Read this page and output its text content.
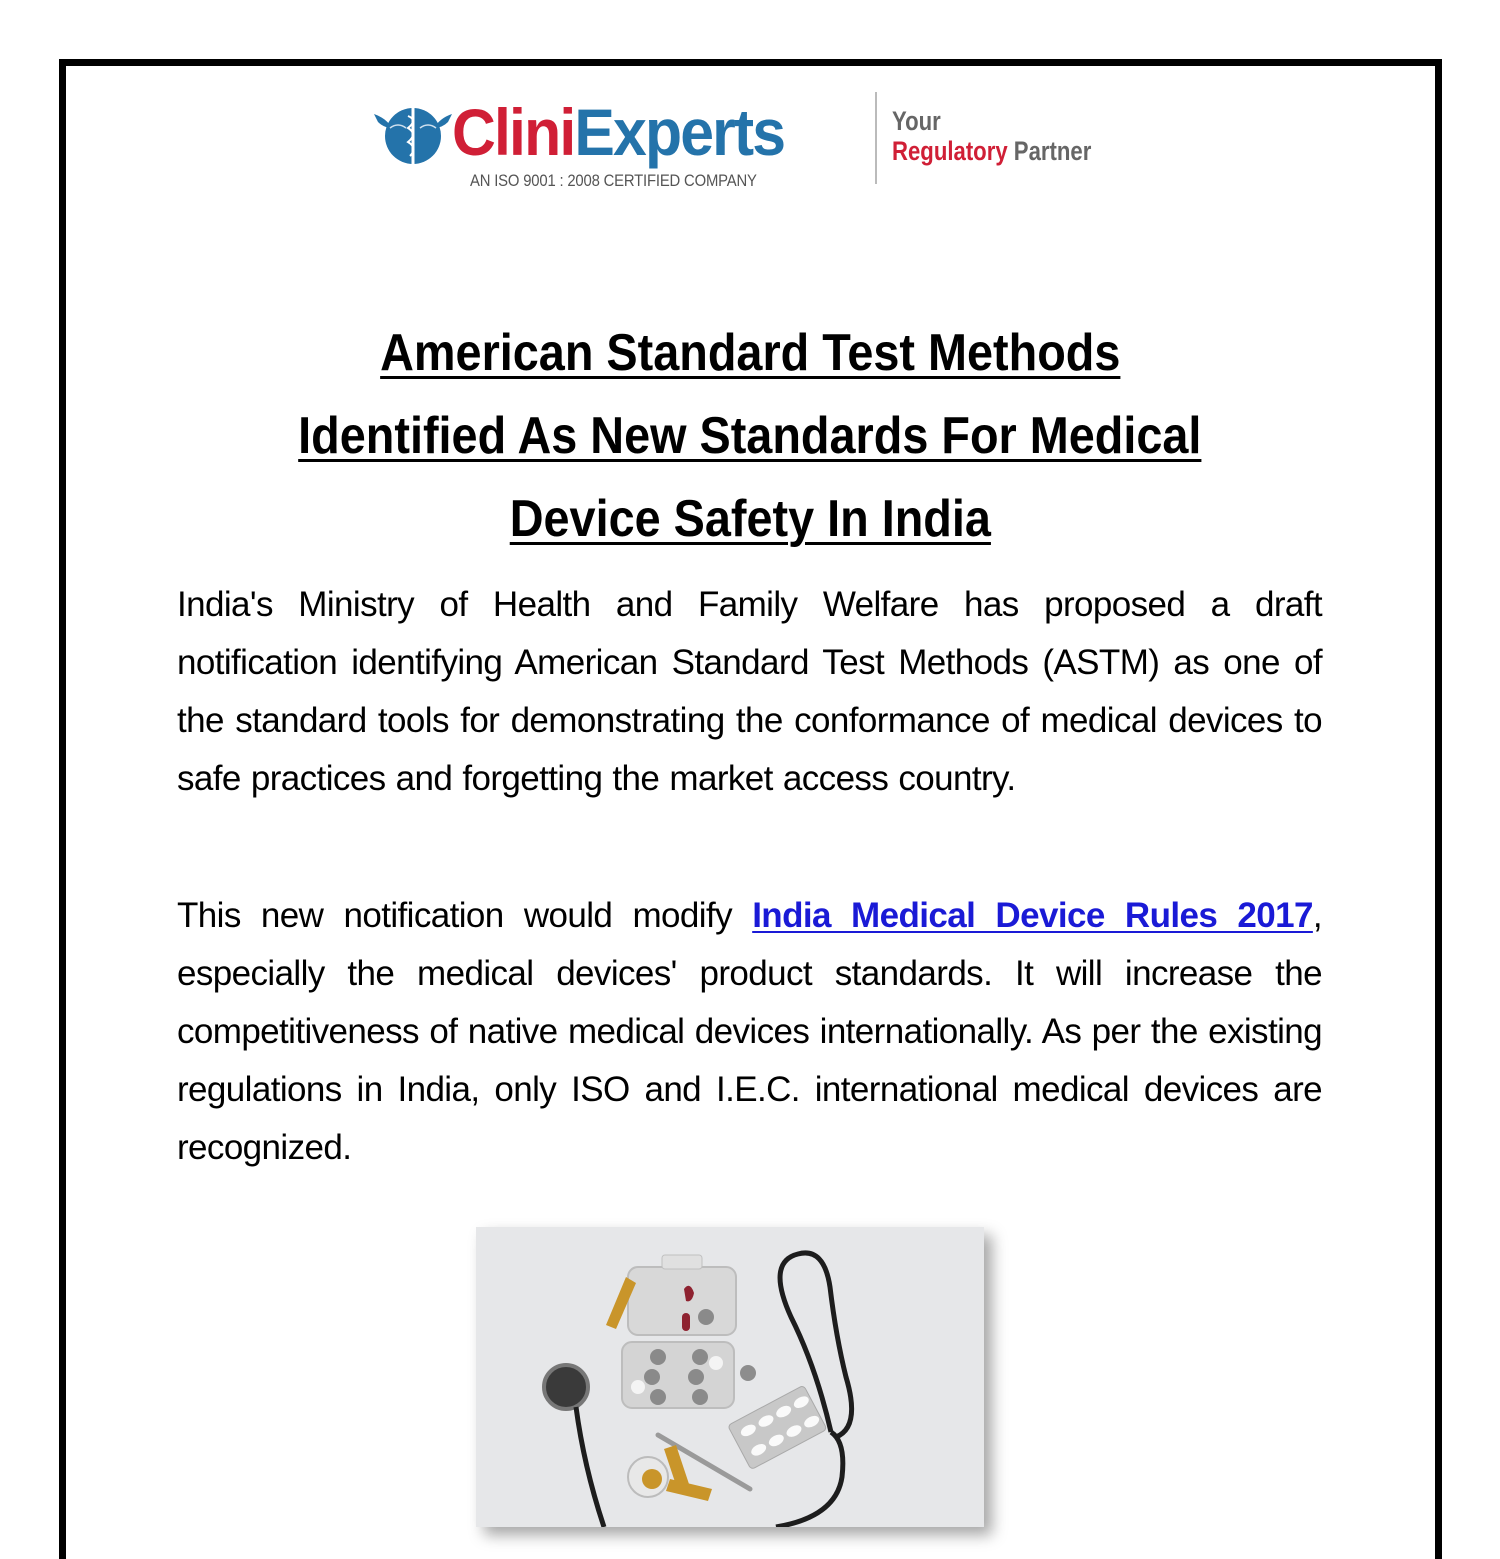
CliniExperts
AN ISO 9001 : 2008 CERTIFIED COMPANY
Your
Regulatory Partner
American Standard Test Methods
Identified As New Standards For Medical
Device Safety In India

India's Ministry of Health and Family Welfare has proposed a draft notification identifying American Standard Test Methods (ASTM) as one of the standard tools for demonstrating the conformance of medical devices to safe practices and forgetting the market access country.

This new notification would modify India Medical Device Rules 2017, especially the medical devices' product standards. It will increase the competitiveness of native medical devices internationally. As per the existing regulations in India, only ISO and I.E.C. international medical devices are recognized.
